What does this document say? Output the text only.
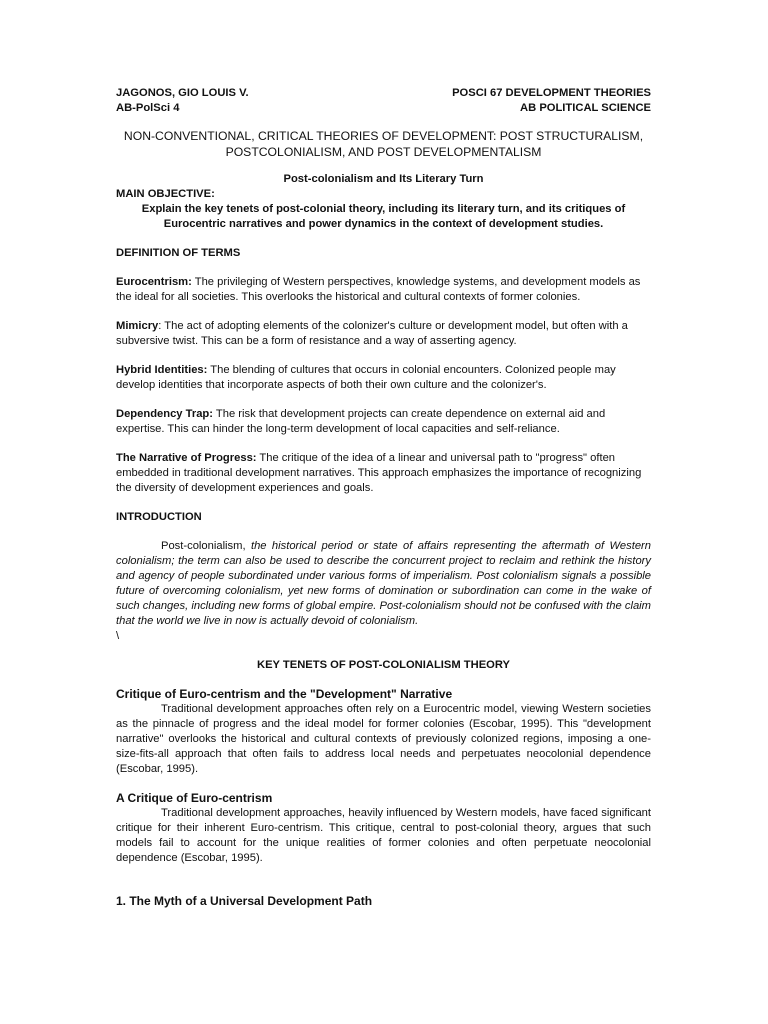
JAGONOS, GIO LOUIS V.
AB-PolSci 4
POSCI 67 DEVELOPMENT THEORIES
AB POLITICAL SCIENCE
NON-CONVENTIONAL, CRITICAL THEORIES OF DEVELOPMENT: POST STRUCTURALISM,
POSTCOLONIALISM, AND POST DEVELOPMENTALISM
Post-colonialism and Its Literary Turn
MAIN OBJECTIVE:
Explain the key tenets of post-colonial theory, including its literary turn, and its critiques of Eurocentric narratives and power dynamics in the context of development studies.
DEFINITION OF TERMS
Eurocentrism: The privileging of Western perspectives, knowledge systems, and development models as the ideal for all societies. This overlooks the historical and cultural contexts of former colonies.
Mimicry: The act of adopting elements of the colonizer's culture or development model, but often with a subversive twist. This can be a form of resistance and a way of asserting agency.
Hybrid Identities: The blending of cultures that occurs in colonial encounters. Colonized people may develop identities that incorporate aspects of both their own culture and the colonizer's.
Dependency Trap: The risk that development projects can create dependence on external aid and expertise. This can hinder the long-term development of local capacities and self-reliance.
The Narrative of Progress: The critique of the idea of a linear and universal path to "progress" often embedded in traditional development narratives. This approach emphasizes the importance of recognizing the diversity of development experiences and goals.
INTRODUCTION
Post-colonialism, the historical period or state of affairs representing the aftermath of Western colonialism; the term can also be used to describe the concurrent project to reclaim and rethink the history and agency of people subordinated under various forms of imperialism. Post colonialism signals a possible future of overcoming colonialism, yet new forms of domination or subordination can come in the wake of such changes, including new forms of global empire. Post-colonialism should not be confused with the claim that the world we live in now is actually devoid of colonialism.
\
KEY TENETS OF POST-COLONIALISM THEORY
Critique of Euro-centrism and the "Development" Narrative
Traditional development approaches often rely on a Eurocentric model, viewing Western societies as the pinnacle of progress and the ideal model for former colonies (Escobar, 1995). This "development narrative" overlooks the historical and cultural contexts of previously colonized regions, imposing a one-size-fits-all approach that often fails to address local needs and perpetuates neocolonial dependence (Escobar, 1995).
A Critique of Euro-centrism
Traditional development approaches, heavily influenced by Western models, have faced significant critique for their inherent Euro-centrism. This critique, central to post-colonial theory, argues that such models fail to account for the unique realities of former colonies and often perpetuate neocolonial dependence (Escobar, 1995).
1. The Myth of a Universal Development Path
